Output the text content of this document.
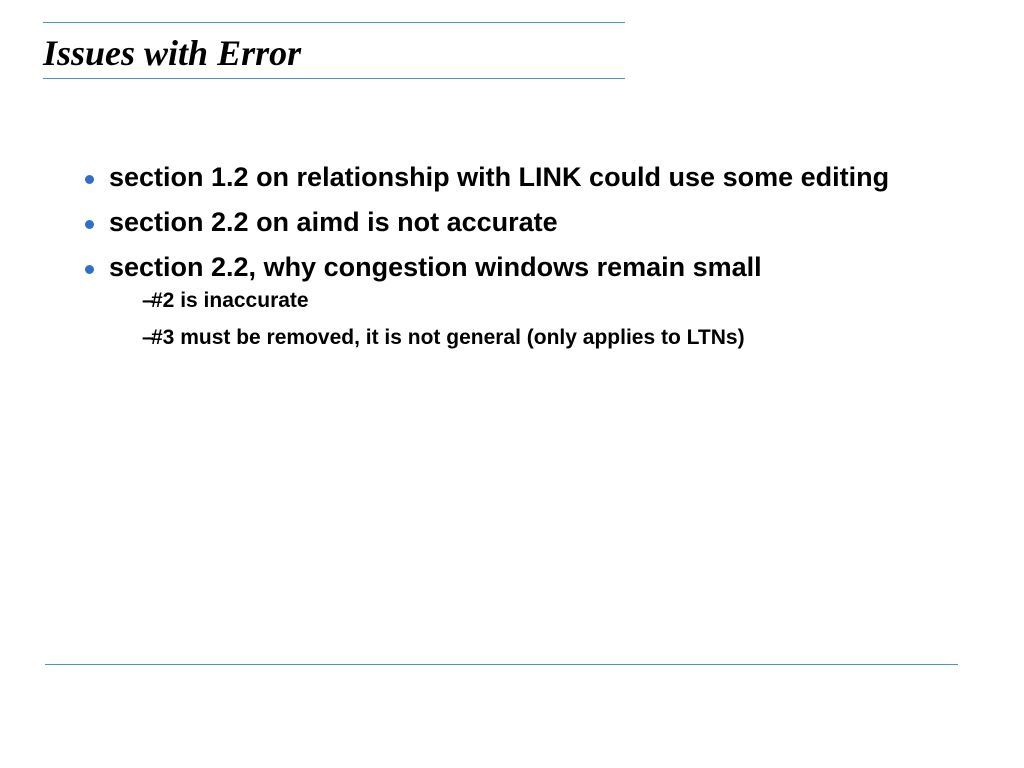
Issues with Error
section 1.2 on relationship with LINK could use some editing
section 2.2 on aimd is not accurate
section 2.2, why congestion windows remain small
–
#2 is inaccurate
–
#3 must be removed, it is not general (only applies to LTNs)
